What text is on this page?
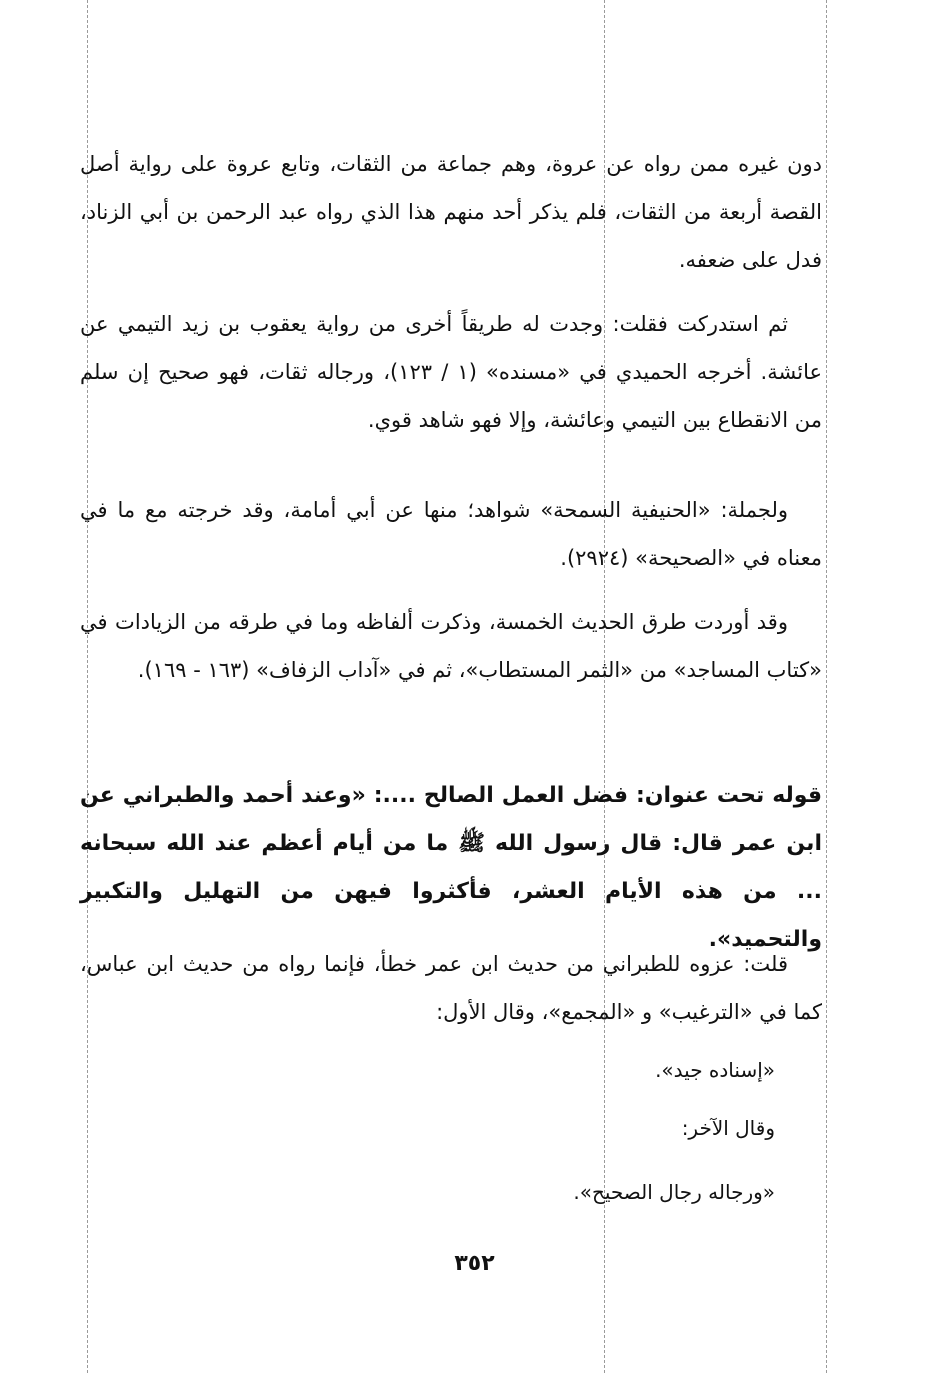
دون غيره ممن رواه عن عروة، وهم جماعة من الثقات، وتابع عروة على رواية أصل القصة أربعة من الثقات، فلم يذكر أحد منهم هذا الذي رواه عبد الرحمن بن أبي الزناد، فدل على ضعفه.

ثم استدركت فقلت: وجدت له طريقاً أخرى من رواية يعقوب بن زيد التيمي عن عائشة. أخرجه الحميدي في «مسنده» (١ / ١٢٣)، ورجاله ثقات، فهو صحيح إن سلم من الانقطاع بين التيمي وعائشة، وإلا فهو شاهد قوي.

ولجملة: «الحنيفية السمحة» شواهد؛ منها عن أبي أمامة، وقد خرجته مع ما في معناه في «الصحيحة» (٢٩٢٤).

وقد أوردت طرق الحديث الخمسة، وذكرت ألفاظه وما في طرقه من الزيادات في «كتاب المساجد» من «الثمر المستطاب»، ثم في «آداب الزفاف» (١٦٣ - ١٦٩).

قوله تحت عنوان: فضل العمل الصالح ....: «وعند أحمد والطبراني عن ابن عمر قال: قال رسول الله ﷺ ما من أيام أعظم عند الله سبحانه ... من هذه الأيام العشر، فأكثروا فيهن من التهليل والتكبير والتحميد».

قلت: عزوه للطبراني من حديث ابن عمر خطأ، فإنما رواه من حديث ابن عباس، كما في «الترغيب» و «المجمع»، وقال الأول:

«إسناده جيد».
وقال الآخر:
«ورجاله رجال الصحيح».
٣٥٢
